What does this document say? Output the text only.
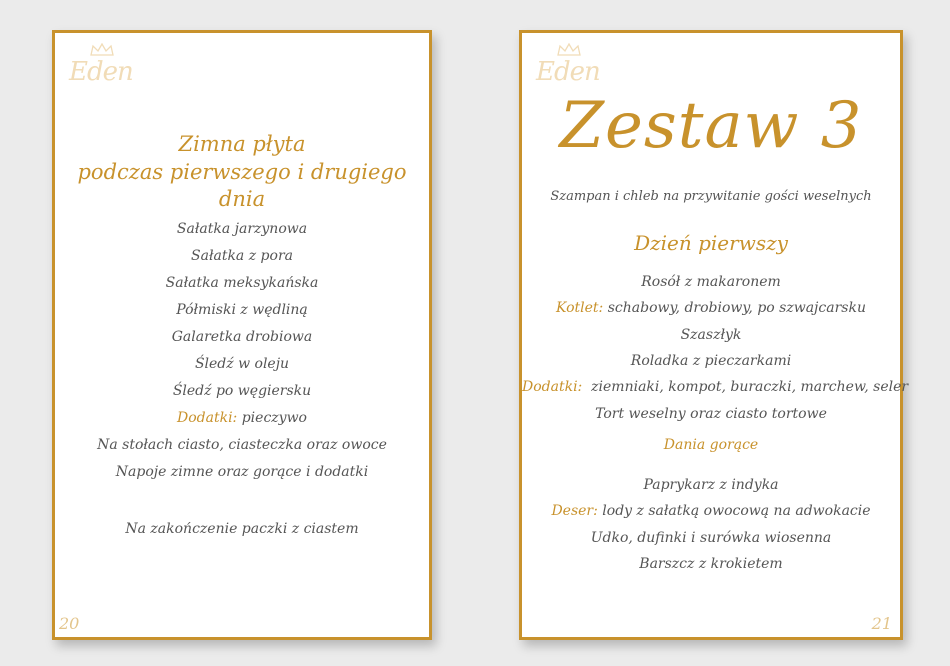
Eden
Zimna płyta
podczas pierwszego i drugiego dnia
Sałatka jarzynowa
Sałatka z pora
Sałatka meksykańska
Półmiski z wędliną
Galaretka drobiowa
Śledź w oleju
Śledź po węgiersku
Dodatki: pieczywo
Na stołach ciasto, ciasteczka oraz owoce
Napoje zimne oraz gorące i dodatki
Na zakończenie paczki z ciastem
20
Eden
Zestaw 3
Szampan i chleb na przywitanie gości weselnych
Dzień pierwszy
Rosół z makaronem
Kotlet: schabowy, drobiowy, po szwajcarsku
Szaszłyk
Roladka z pieczarkami
Dodatki:  ziemniaki, kompot, buraczki, marchew, seler
Tort weselny oraz ciasto tortowe
Dania gorące
Paprykarz z indyka
Deser: lody z sałatką owocową na adwokacie
Udko, dufinki i surówka wiosenna
Barszcz z krokietem
21
